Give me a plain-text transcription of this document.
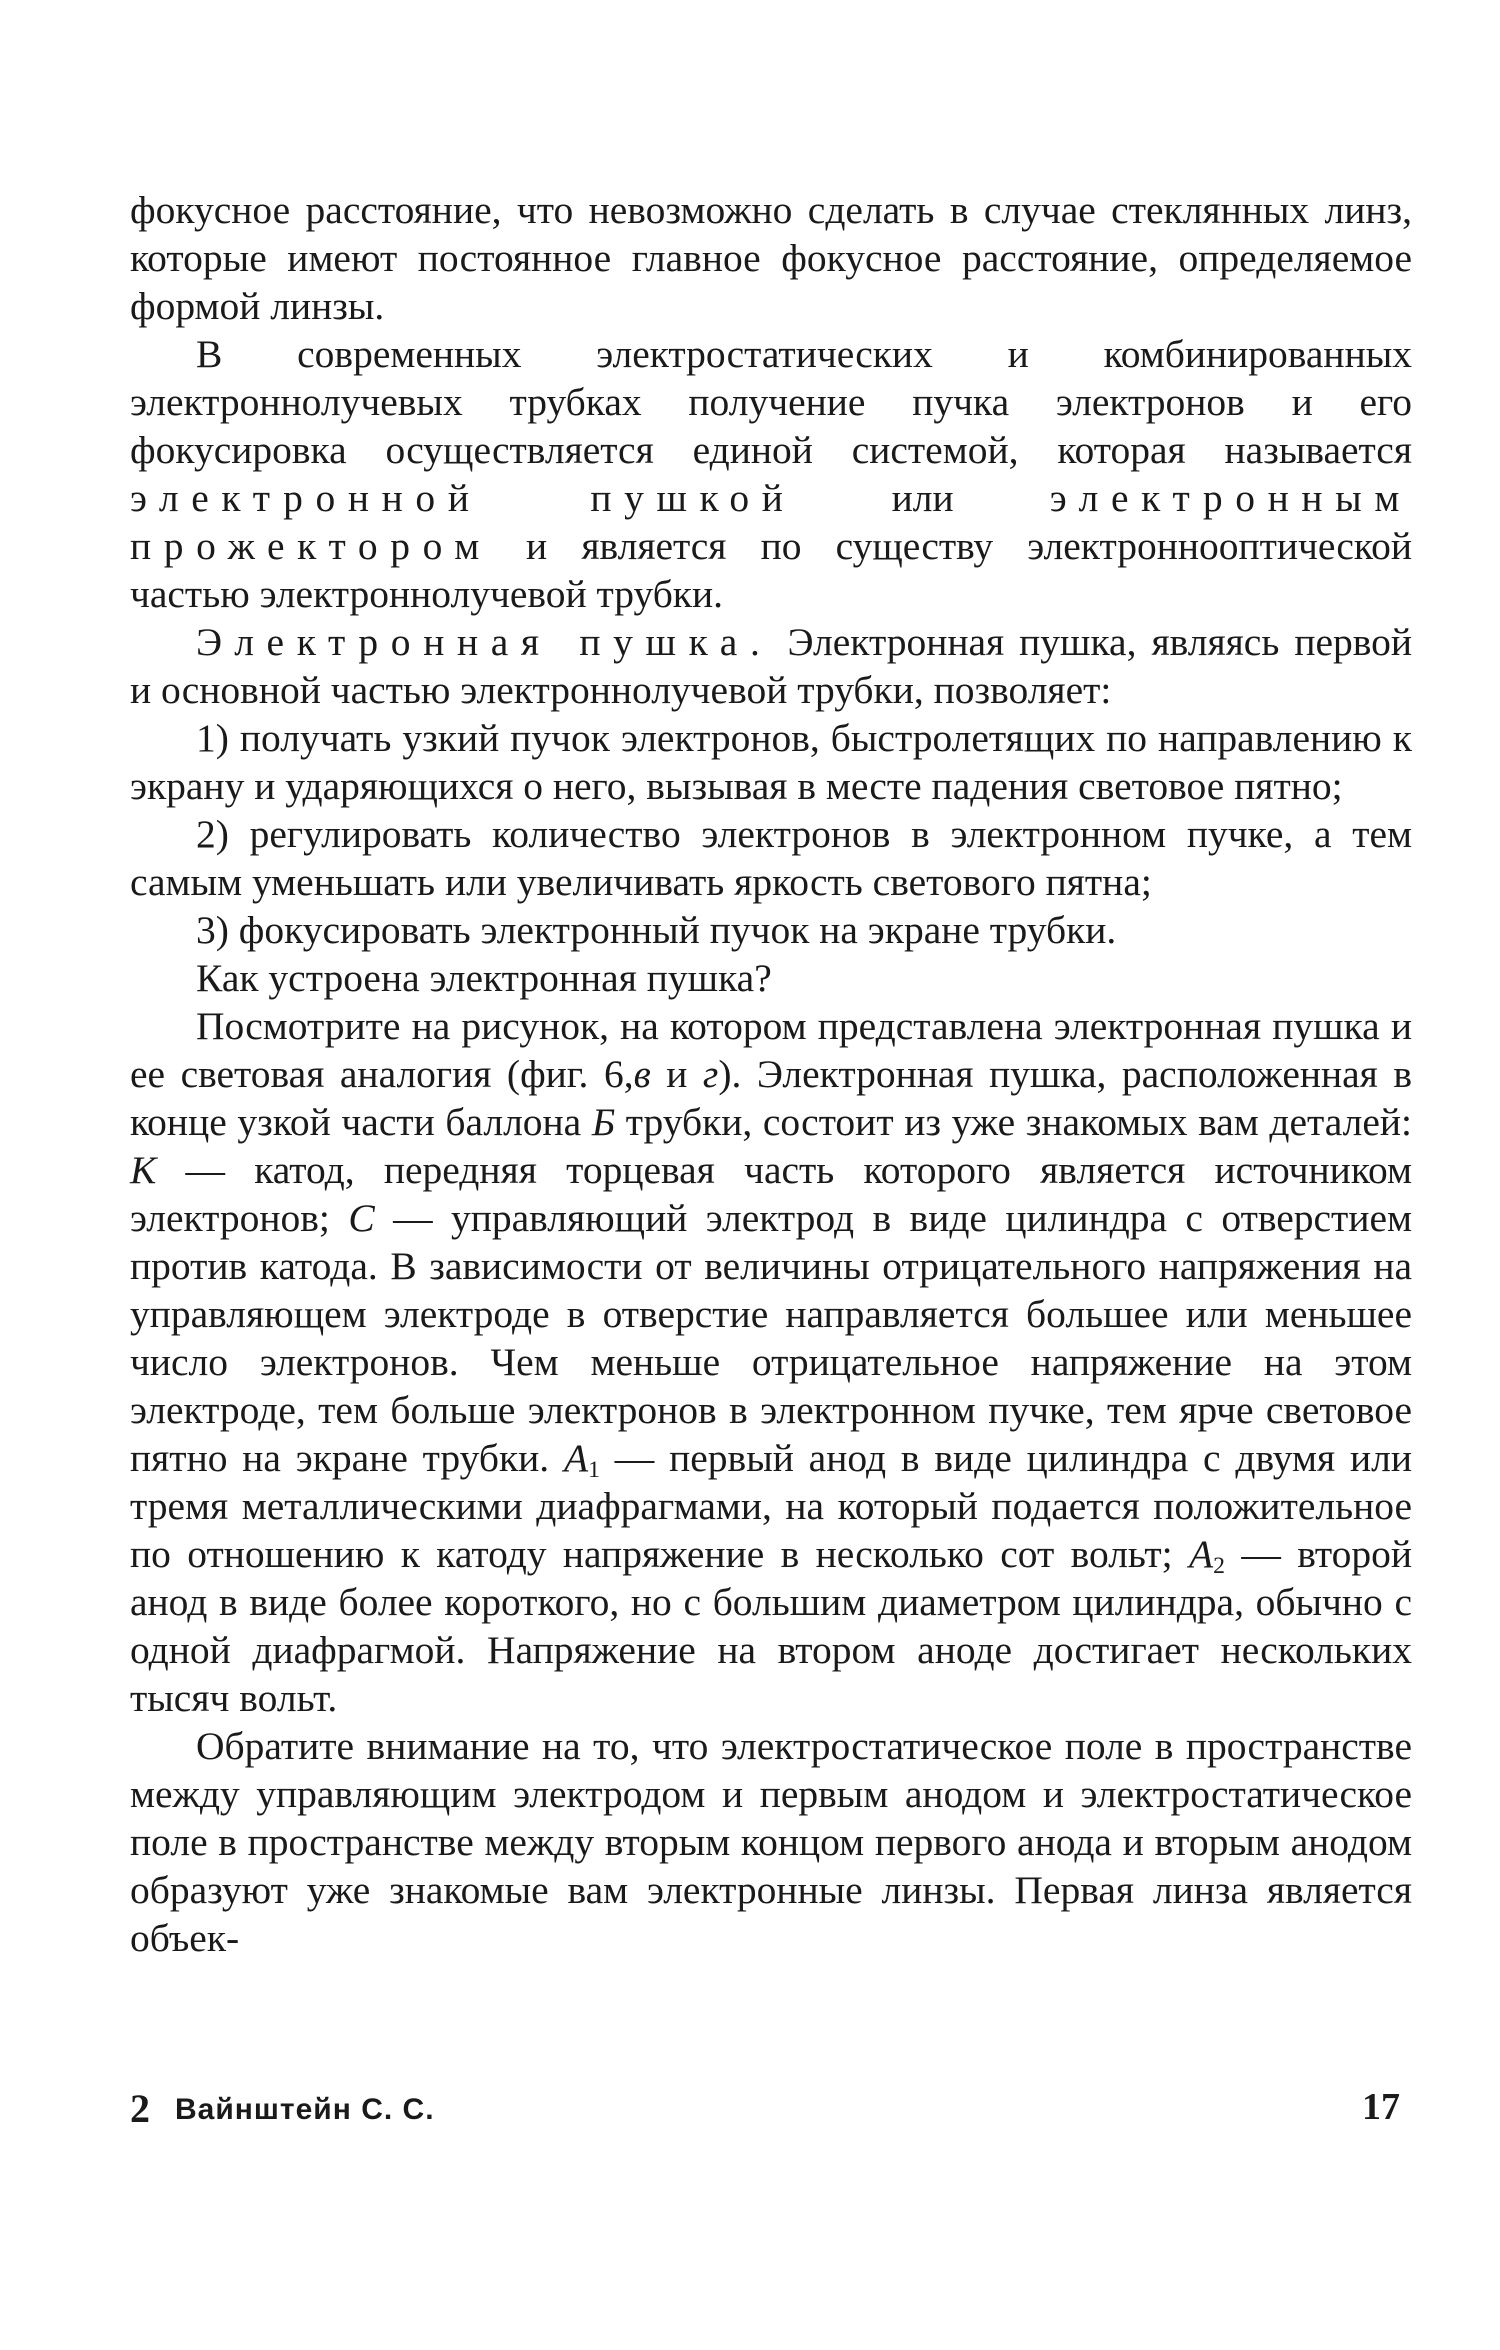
фокусное расстояние, что невозможно сделать в случае стеклянных линз, которые имеют постоянное главное фокусное расстояние, определяемое формой линзы.

В современных электростатических и комбинированных электроннолучевых трубках получение пучка электронов и его фокусировка осуществляется единой системой, которая называется электронной пушкой или электронным прожектором и является по существу электроннооптической частью электроннолучевой трубки.

Электронная пушка. Электронная пушка, являясь первой и основной частью электроннолучевой трубки, позволяет:

1) получать узкий пучок электронов, быстролетящих по направлению к экрану и ударяющихся о него, вызывая в месте падения световое пятно;

2) регулировать количество электронов в электронном пучке, а тем самым уменьшать или увеличивать яркость светового пятна;

3) фокусировать электронный пучок на экране трубки.

Как устроена электронная пушка?

Посмотрите на рисунок, на котором представлена электронная пушка и ее световая аналогия (фиг. 6,в и г). Электронная пушка, расположенная в конце узкой части баллона Б трубки, состоит из уже знакомых вам деталей: К — катод, передняя торцевая часть которого является источником электронов; С — управляющий электрод в виде цилиндра с отверстием против катода. В зависимости от величины отрицательного напряжения на управляющем электроде в отверстие направляется большее или меньшее число электронов. Чем меньше отрицательное напряжение на этом электроде, тем больше электронов в электронном пучке, тем ярче световое пятно на экране трубки. $A_1$ — первый анод в виде цилиндра с двумя или тремя металлическими диафрагмами, на который подается положительное по отношению к катоду напряжение в несколько сот вольт; $A_2$ — второй анод в виде более короткого, но с большим диаметром цилиндра, обычно с одной диафрагмой. Напряжение на втором аноде достигает нескольких тысяч вольт.

Обратите внимание на то, что электростатическое поле в пространстве между управляющим электродом и первым анодом и электростатическое поле в пространстве между вторым концом первого анода и вторым анодом образуют уже знакомые вам электронные линзы. Первая линза является объек-

2 Вайнштейн С. С.	17
